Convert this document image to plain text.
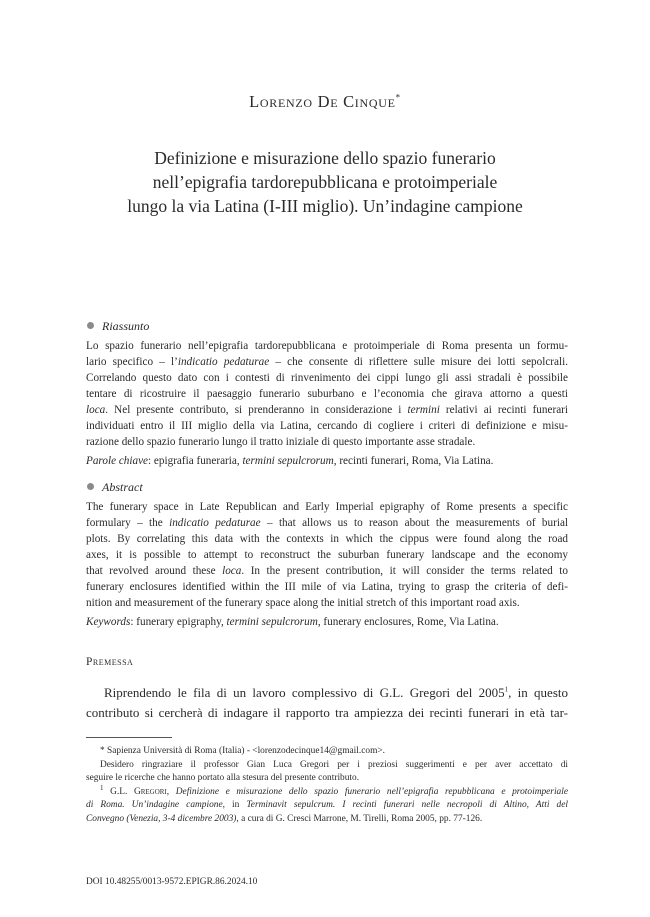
Lorenzo De Cinque*
Definizione e misurazione dello spazio funerario
nell’epigrafia tardorepubblicana e protoimperiale
lungo la via Latina (I-III miglio). Un’indagine campione
Riassunto
Lo spazio funerario nell’epigrafia tardorepubblicana e protoimperiale di Roma presenta un formu-
lario specifico – l’indicatio pedaturae – che consente di riflettere sulle misure dei lotti sepolcrali.
Correlando questo dato con i contesti di rinvenimento dei cippi lungo gli assi stradali è possibile
tentare di ricostruire il paesaggio funerario suburbano e l’economia che girava attorno a questi
loca. Nel presente contributo, si prenderanno in considerazione i termini relativi ai recinti funerari
individuati entro il III miglio della via Latina, cercando di cogliere i criteri di definizione e misu-
razione dello spazio funerario lungo il tratto iniziale di questo importante asse stradale.
Parole chiave: epigrafia funeraria, termini sepulcrorum, recinti funerari, Roma, Via Latina.
Abstract
The funerary space in Late Republican and Early Imperial epigraphy of Rome presents a specific
formulary – the indicatio pedaturae – that allows us to reason about the measurements of burial
plots. By correlating this data with the contexts in which the cippus were found along the road
axes, it is possible to attempt to reconstruct the suburban funerary landscape and the economy
that revolved around these loca. In the present contribution, it will consider the terms related to
funerary enclosures identified within the III mile of via Latina, trying to grasp the criteria of defi-
nition and measurement of the funerary space along the initial stretch of this important road axis.
Keywords: funerary epigraphy, termini sepulcrorum, funerary enclosures, Rome, Via Latina.
Premessa
Riprendendo le fila di un lavoro complessivo di G.L. Gregori del 2005$^1$, in questo
contributo si cercherà di indagare il rapporto tra ampiezza dei recinti funerari in età tar-
* Sapienza Università di Roma (Italia) - <lorenzodecinque14@gmail.com>.
Desidero ringraziare il professor Gian Luca Gregori per i preziosi suggerimenti e per aver accettato di
seguire le ricerche che hanno portato alla stesura del presente contributo.
$^1$ G.L. Gregori, Definizione e misurazione dello spazio funerario nell’epigrafia repubblicana e protoimperiale
di Roma. Un’indagine campione, in Terminavit sepulcrum. I recinti funerari nelle necropoli di Altino, Atti del
Convegno (Venezia, 3-4 dicembre 2003), a cura di G. Cresci Marrone, M. Tirelli, Roma 2005, pp. 77-126.
DOI 10.48255/0013-9572.EPIGR.86.2024.10
